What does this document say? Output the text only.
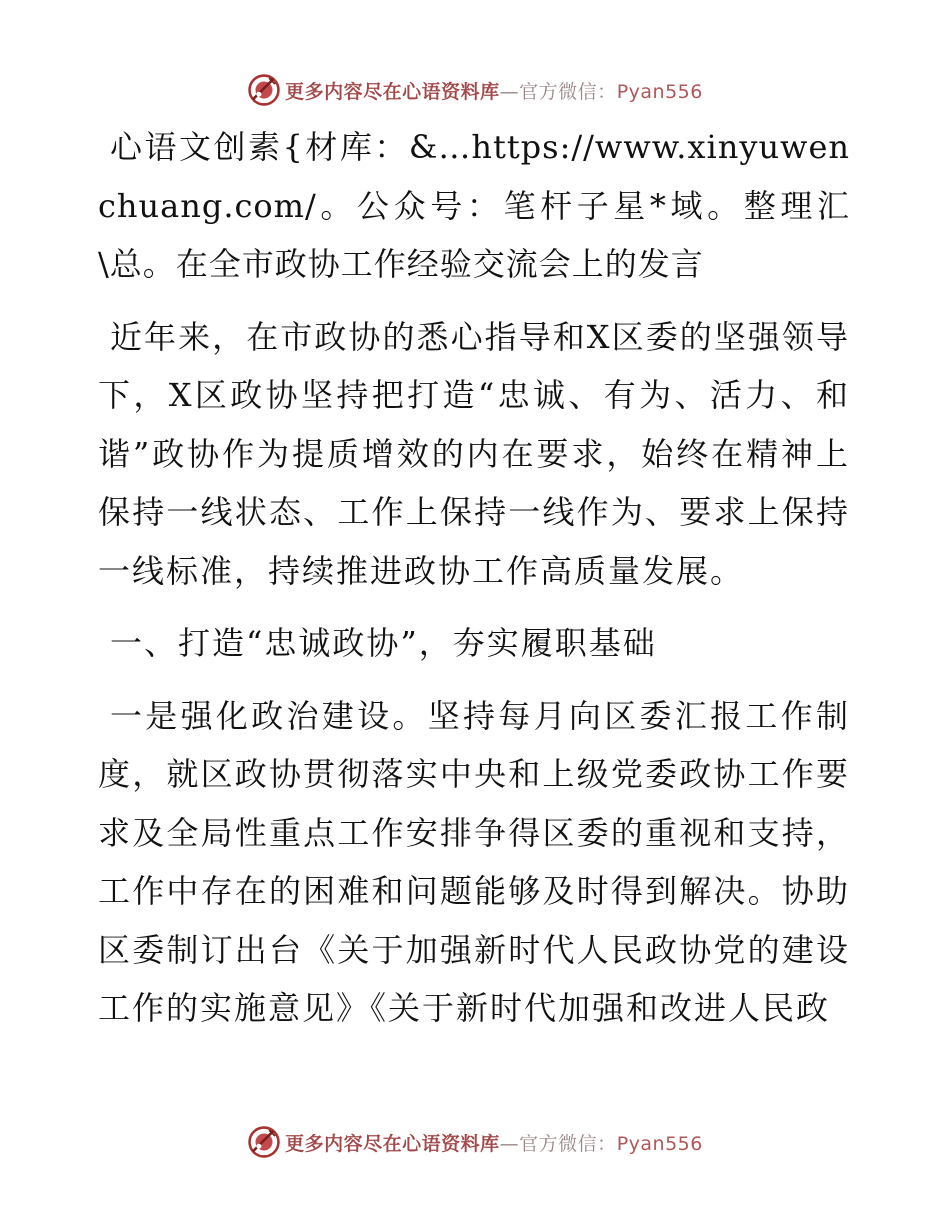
更多内容尽在心语资料库—官方微信：Pyan556

心语文创素{材库：&…https://www.xinyuwenchuang.com/。公众号：笔杆子星*域。整理汇\总。在全市政协工作经验交流会上的发言

近年来，在市政协的悉心指导和X区委的坚强领导下，X区政协坚持把打造“忠诚、有为、活力、和谐”政协作为提质增效的内在要求，始终在精神上保持一线状态、工作上保持一线作为、要求上保持一线标准，持续推进政协工作高质量发展。

一、打造“忠诚政协”，夯实履职基础

一是强化政治建设。坚持每月向区委汇报工作制度，就区政协贯彻落实中央和上级党委政协工作要求及全局性重点工作安排争得区委的重视和支持，工作中存在的困难和问题能够及时得到解决。协助区委制订出台《关于加强新时代人民政协党的建设工作的实施意见》《关于新时代加强和改进人民政

更多内容尽在心语资料库—官方微信：Pyan556
